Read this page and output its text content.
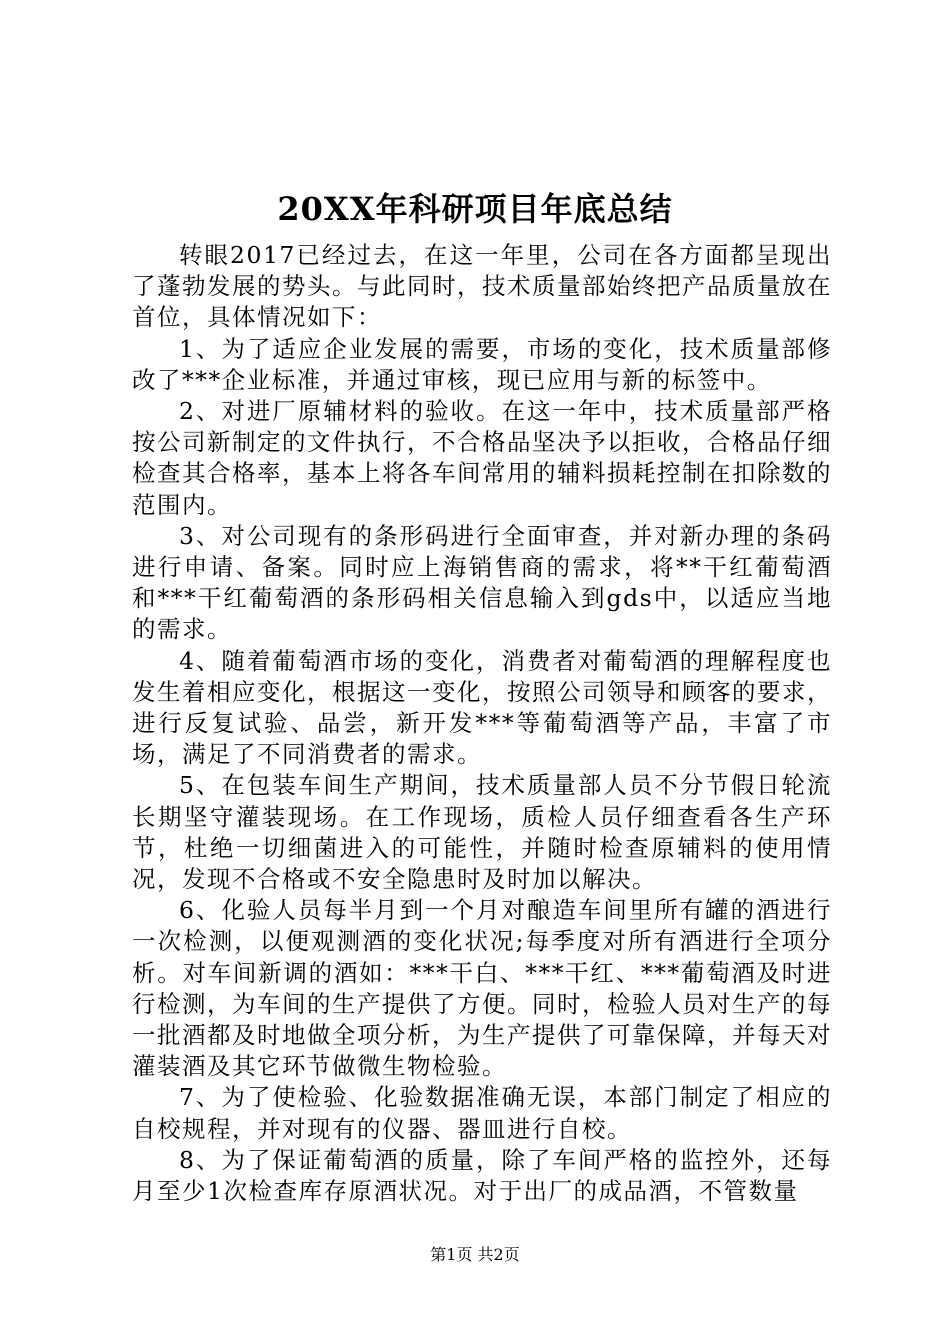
20XX年科研项目年底总结

转眼2017已经过去，在这一年里，公司在各方面都呈现出了蓬勃发展的势头。与此同时，技术质量部始终把产品质量放在首位，具体情况如下：

1、为了适应企业发展的需要，市场的变化，技术质量部修改了***企业标准，并通过审核，现已应用与新的标签中。

2、对进厂原辅材料的验收。在这一年中，技术质量部严格按公司新制定的文件执行，不合格品坚决予以拒收，合格品仔细检查其合格率，基本上将各车间常用的辅料损耗控制在扣除数的范围内。

3、对公司现有的条形码进行全面审查，并对新办理的条码进行申请、备案。同时应上海销售商的需求，将**干红葡萄酒和***干红葡萄酒的条形码相关信息输入到gds中，以适应当地的需求。

4、随着葡萄酒市场的变化，消费者对葡萄酒的理解程度也发生着相应变化，根据这一变化，按照公司领导和顾客的要求，进行反复试验、品尝，新开发***等葡萄酒等产品，丰富了市场，满足了不同消费者的需求。

5、在包装车间生产期间，技术质量部人员不分节假日轮流长期坚守灌装现场。在工作现场，质检人员仔细查看各生产环节，杜绝一切细菌进入的可能性，并随时检查原辅料的使用情况，发现不合格或不安全隐患时及时加以解决。

6、化验人员每半月到一个月对酿造车间里所有罐的酒进行一次检测，以便观测酒的变化状况;每季度对所有酒进行全项分析。对车间新调的酒如：***干白、***干红、***葡萄酒及时进行检测，为车间的生产提供了方便。同时，检验人员对生产的每一批酒都及时地做全项分析，为生产提供了可靠保障，并每天对灌装酒及其它环节做微生物检验。

7、为了使检验、化验数据准确无误，本部门制定了相应的自校规程，并对现有的仪器、器皿进行自校。

8、为了保证葡萄酒的质量，除了车间严格的监控外，还每月至少1次检查库存原酒状况。对于出厂的成品酒，不管数量

第1页 共2页
